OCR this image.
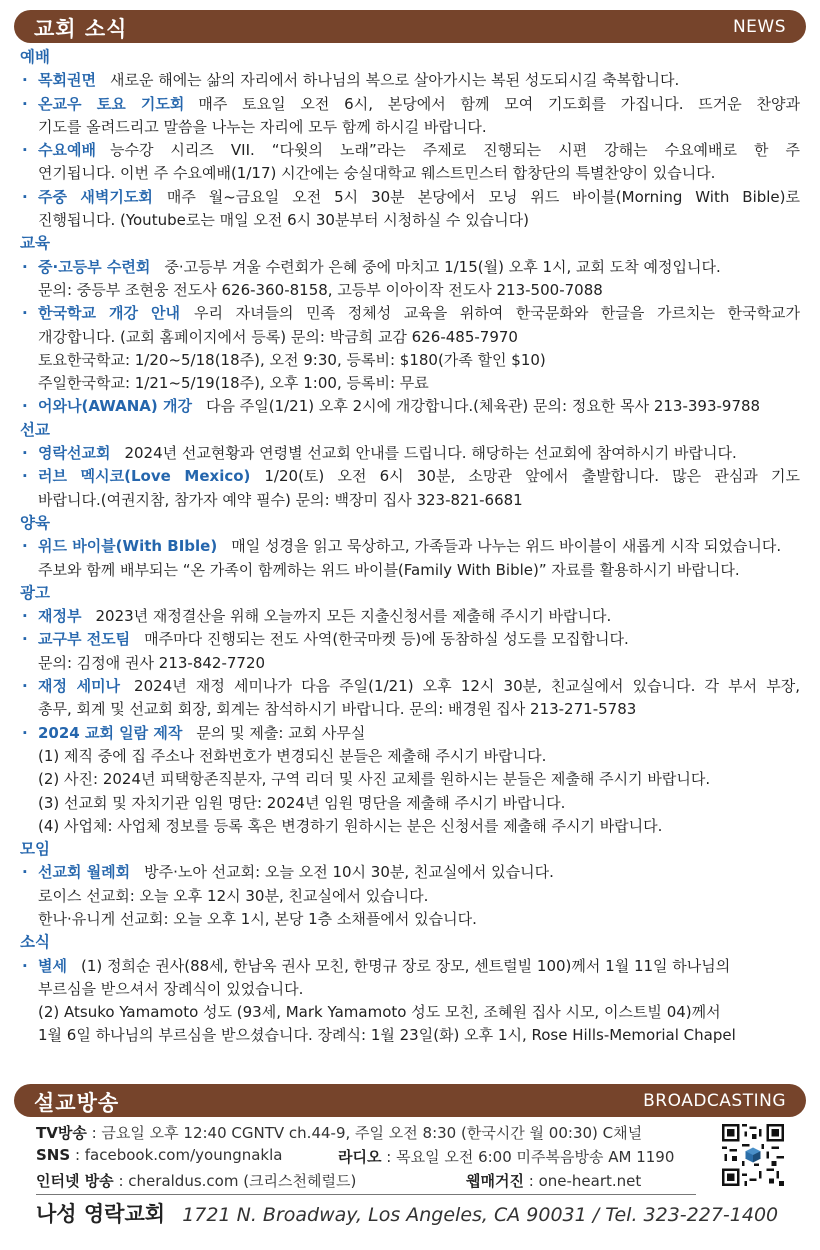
교회 소식	NEWS
예배
· 목회권면 새로운 해에는 삶의 자리에서 하나님의 복으로 살아가시는 복된 성도되시길 축복합니다.
· 온교우 토요 기도회 매주 토요일 오전 6시, 본당에서 함께 모여 기도회를 가집니다. 뜨거운 찬양과
기도를 올려드리고 말씀을 나누는 자리에 모두 함께 하시길 바랍니다.
· 수요예배 능수강 시리즈 VII. “다윗의 노래”라는 주제로 진행되는 시편 강해는 수요예배로 한 주
연기됩니다. 이번 주 수요예배(1/17) 시간에는 숭실대학교 웨스트민스터 합창단의 특별찬양이 있습니다.
· 주중 새벽기도회 매주 월~금요일 오전 5시 30분 본당에서 모닝 위드 바이블(Morning With Bible)로
진행됩니다. (Youtube로는 매일 오전 6시 30분부터 시청하실 수 있습니다)
교육
· 중·고등부 수련회 중·고등부 겨울 수련회가 은혜 중에 마치고 1/15(월) 오후 1시, 교회 도착 예정입니다.
문의: 중등부 조현웅 전도사 626-360-8158, 고등부 이아이작 전도사 213-500-7088
· 한국학교 개강 안내 우리 자녀들의 민족 정체성 교육을 위하여 한국문화와 한글을 가르치는 한국학교가
개강합니다. (교회 홈페이지에서 등록) 문의: 박금희 교감 626-485-7970
토요한국학교: 1/20~5/18(18주), 오전 9:30, 등록비: $180(가족 할인 $10)
주일한국학교: 1/21~5/19(18주), 오후 1:00, 등록비: 무료
· 어와나(AWANA) 개강 다음 주일(1/21) 오후 2시에 개강합니다.(체육관) 문의: 정요한 목사 213-393-9788
선교
· 영락선교회 2024년 선교현황과 연령별 선교회 안내를 드립니다. 해당하는 선교회에 참여하시기 바랍니다.
· 러브 멕시코(Love Mexico) 1/20(토) 오전 6시 30분, 소망관 앞에서 출발합니다. 많은 관심과 기도
바랍니다.(여권지참, 참가자 예약 필수) 문의: 백장미 집사 323-821-6681
양육
· 위드 바이블(With BIble) 매일 성경을 읽고 묵상하고, 가족들과 나누는 위드 바이블이 새롭게 시작 되었습니다.
주보와 함께 배부되는 “온 가족이 함께하는 위드 바이블(Family With Bible)” 자료를 활용하시기 바랍니다.
광고
· 재정부 2023년 재정결산을 위해 오늘까지 모든 지출신청서를 제출해 주시기 바랍니다.
· 교구부 전도팀 매주마다 진행되는 전도 사역(한국마켓 등)에 동참하실 성도를 모집합니다.
문의: 김정애 권사 213-842-7720
· 재정 세미나 2024년 재정 세미나가 다음 주일(1/21) 오후 12시 30분, 친교실에서 있습니다. 각 부서 부장,
총무, 회계 및 선교회 회장, 회계는 참석하시기 바랍니다. 문의: 배경원 집사 213-271-5783
· 2024 교회 일람 제작 문의 및 제출: 교회 사무실
(1) 제직 중에 집 주소나 전화번호가 변경되신 분들은 제출해 주시기 바랍니다.
(2) 사진: 2024년 피택항존직분자, 구역 리더 및 사진 교체를 원하시는 분들은 제출해 주시기 바랍니다.
(3) 선교회 및 자치기관 임원 명단: 2024년 임원 명단을 제출해 주시기 바랍니다.
(4) 사업체: 사업체 정보를 등록 혹은 변경하기 원하시는 분은 신청서를 제출해 주시기 바랍니다.
모임
· 선교회 월례회 방주·노아 선교회: 오늘 오전 10시 30분, 친교실에서 있습니다.
로이스 선교회: 오늘 오후 12시 30분, 친교실에서 있습니다.
한나·유니게 선교회: 오늘 오후 1시, 본당 1층 소채플에서 있습니다.
소식
· 별세 (1) 정희순 권사(88세, 한남옥 권사 모친, 한명규 장로 장모, 센트럴빌 100)께서 1월 11일 하나님의
부르심을 받으셔서 장례식이 있었습니다.
(2) Atsuko Yamamoto 성도 (93세, Mark Yamamoto 성도 모친, 조혜원 집사 시모, 이스트빌 04)께서
1월 6일 하나님의 부르심을 받으셨습니다. 장례식: 1월 23일(화) 오후 1시, Rose Hills-Memorial Chapel
설교방송	BROADCASTING
TV방송 : 금요일 오후 12:40 CGNTV ch.44-9, 주일 오전 8:30 (한국시간 월 00:30) C채널
SNS : facebook.com/youngnakla	라디오 : 목요일 오전 6:00 미주복음방송 AM 1190
인터넷 방송 : cheraldus.com (크리스천헤럴드)	웹매거진 : one-heart.net
나성 영락교회 1721 N. Broadway, Los Angeles, CA 90031 / Tel. 323-227-1400
